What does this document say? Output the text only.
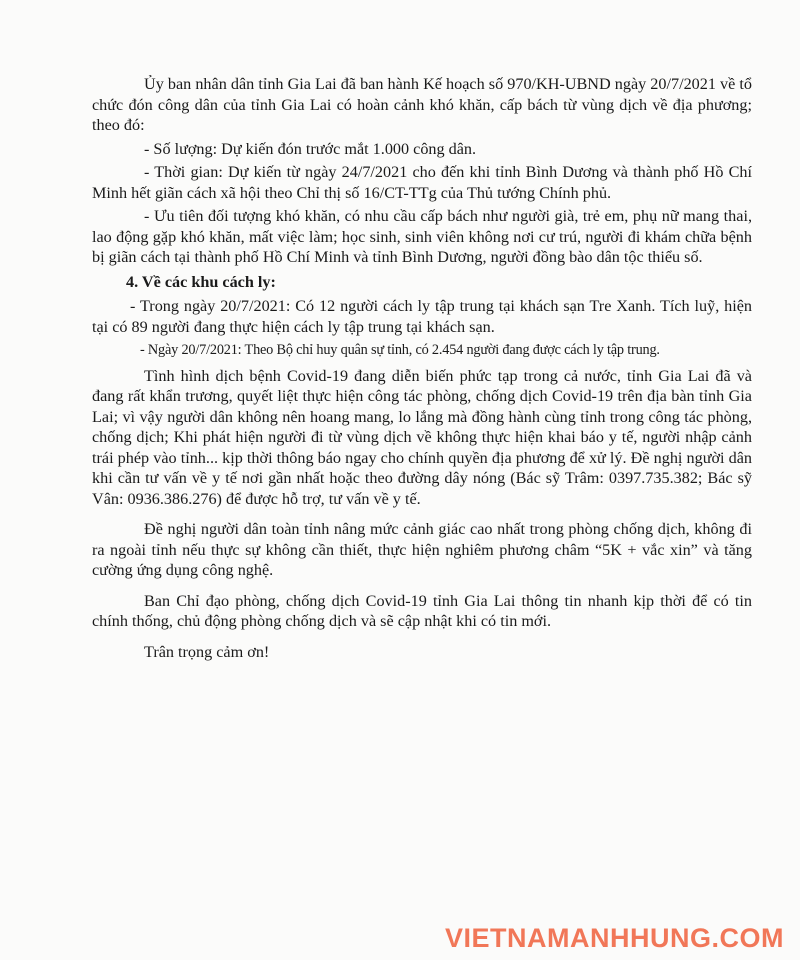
Ủy ban nhân dân tỉnh Gia Lai đã ban hành Kế hoạch số 970/KH-UBND ngày 20/7/2021 về tổ chức đón công dân của tỉnh Gia Lai có hoàn cảnh khó khăn, cấp bách từ vùng dịch về địa phương; theo đó:

- Số lượng: Dự kiến đón trước mắt 1.000 công dân.

- Thời gian: Dự kiến từ ngày 24/7/2021 cho đến khi tỉnh Bình Dương và thành phố Hồ Chí Minh hết giãn cách xã hội theo Chỉ thị số 16/CT-TTg của Thủ tướng Chính phủ.

- Ưu tiên đối tượng khó khăn, có nhu cầu cấp bách như người già, trẻ em, phụ nữ mang thai, lao động gặp khó khăn, mất việc làm; học sinh, sinh viên không nơi cư trú, người đi khám chữa bệnh bị giãn cách tại thành phố Hồ Chí Minh và tỉnh Bình Dương, người đồng bào dân tộc thiểu số.

4. Về các khu cách ly:

- Trong ngày 20/7/2021: Có 12 người cách ly tập trung tại khách sạn Tre Xanh. Tích luỹ, hiện tại có 89 người đang thực hiện cách ly tập trung tại khách sạn.

- Ngày 20/7/2021: Theo Bộ chỉ huy quân sự tỉnh, có 2.454 người đang được cách ly tập trung.

Tình hình dịch bệnh Covid-19 đang diễn biến phức tạp trong cả nước, tỉnh Gia Lai đã và đang rất khẩn trương, quyết liệt thực hiện công tác phòng, chống dịch Covid-19 trên địa bàn tỉnh Gia Lai; vì vậy người dân không nên hoang mang, lo lắng mà đồng hành cùng tỉnh trong công tác phòng, chống dịch; Khi phát hiện người đi từ vùng dịch về không thực hiện khai báo y tế, người nhập cảnh trái phép vào tỉnh... kịp thời thông báo ngay cho chính quyền địa phương để xử lý. Đề nghị người dân khi cần tư vấn về y tế nơi gần nhất hoặc theo đường dây nóng (Bác sỹ Trâm: 0397.735.382; Bác sỹ Vân: 0936.386.276) để được hỗ trợ, tư vấn về y tế.

Đề nghị người dân toàn tỉnh nâng mức cảnh giác cao nhất trong phòng chống dịch, không đi ra ngoài tỉnh nếu thực sự không cần thiết, thực hiện nghiêm phương châm “5K + vắc xin” và tăng cường ứng dụng công nghệ.

Ban Chỉ đạo phòng, chống dịch Covid-19 tỉnh Gia Lai thông tin nhanh kịp thời để có tin chính thống, chủ động phòng chống dịch và sẽ cập nhật khi có tin mới.

Trân trọng cảm ơn!

VIETNAMANHHUNG.COM
